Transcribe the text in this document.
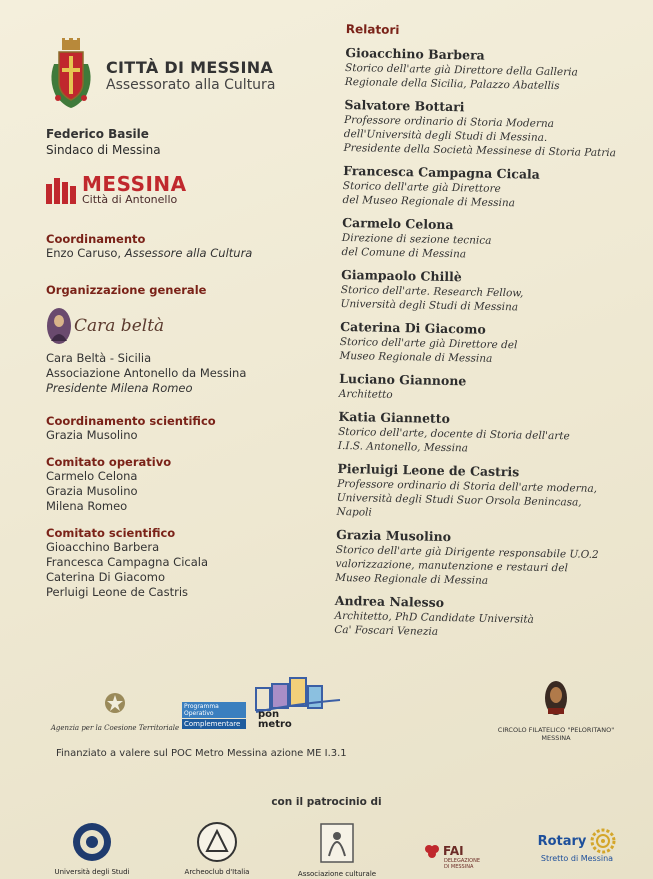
CITTÀ DI MESSINA
Assessorato alla Cultura
Federico Basile
Sindaco di Messina
MESSINA
Città di Antonello
Coordinamento
Enzo Caruso, Assessore alla Cultura
Organizzazione generale
Cara beltà
Cara Beltà - Sicilia
Associazione Antonello da Messina
Presidente Milena Romeo
Coordinamento scientifico
Grazia Musolino
Comitato operativo
Carmelo Celona
Grazia Musolino
Milena Romeo
Comitato scientifico
Gioacchino Barbera
Francesca Campagna Cicala
Caterina Di Giacomo
Perluigi Leone de Castris
Relatori
Gioacchino Barbera
Storico dell'arte già Direttore della Galleria
Regionale della Sicilia, Palazzo Abatellis
Salvatore Bottari
Professore ordinario di Storia Moderna
dell'Università degli Studi di Messina.
Presidente della Società Messinese di Storia Patria
Francesca Campagna Cicala
Storico dell'arte già Direttore
del Museo Regionale di Messina
Carmelo Celona
Direzione di sezione tecnica
del Comune di Messina
Giampaolo Chillè
Storico dell'arte. Research Fellow,
Università degli Studi di Messina
Caterina Di Giacomo
Storico dell'arte già Direttore del
Museo Regionale di Messina
Luciano Giannone
Architetto
Katia Giannetto
Storico dell'arte, docente di Storia dell'arte
I.I.S. Antonello, Messina
Pierluigi Leone de Castris
Professore ordinario di Storia dell'arte moderna,
Università degli Studi Suor Orsola Benincasa,
Napoli
Grazia Musolino
Storico dell'arte già Dirigente responsabile U.O.2
valorizzazione, manutenzione e restauri del
Museo Regionale di Messina
Andrea Nalesso
Architetto, PhD Candidate Università
Ca' Foscari Venezia
Agenzia per la Coesione Territoriale
Programma Operativo
Complementare
pon
metro	CIRCOLO FILATELICO "PELORITANO"
MESSINA
Finanziato a valere sul POC Metro Messina azione ME I.3.1
con il patrocinio di
Università degli Studi	Archeoclub d'Italia	Associazione culturale
FAI
DELEGAZIONE
DI MESSINA
Rotary
Stretto di Messina
